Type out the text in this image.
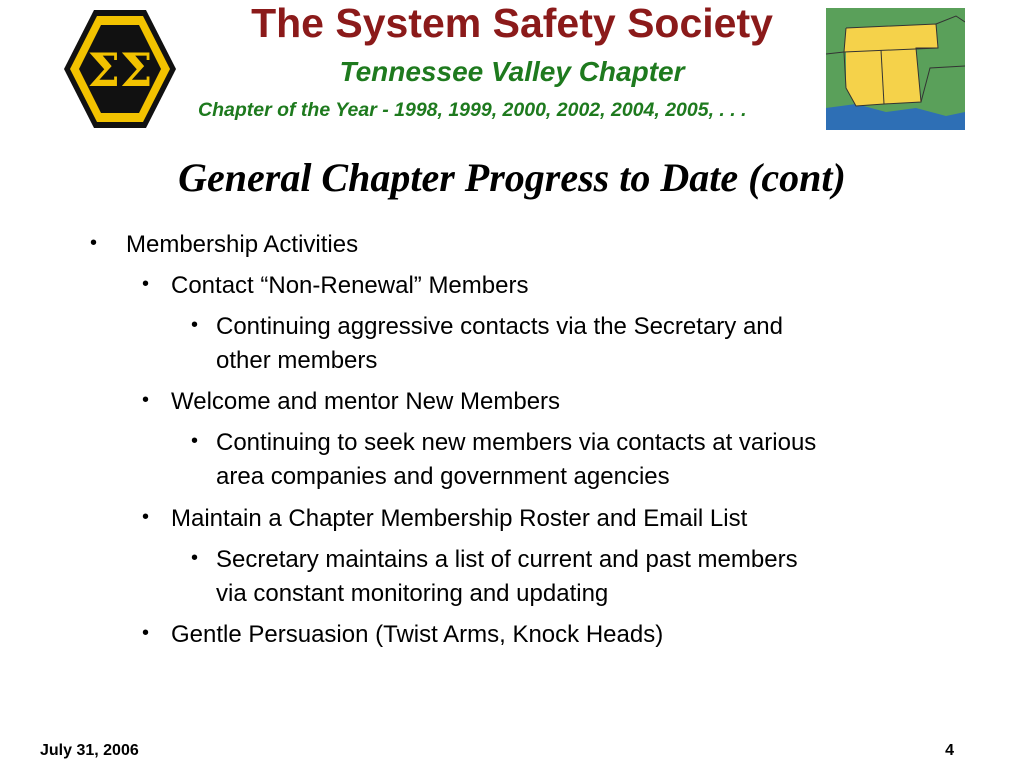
ΣΣ
The System Safety Society
Tennessee Valley Chapter
Chapter of the Year - 1998, 1999, 2000, 2002, 2004, 2005, . . .
General Chapter Progress to Date (cont)
• Membership Activities
• Contact “Non-Renewal” Members
• Continuing aggressive contacts via the Secretary and
other members
• Welcome and mentor New Members
• Continuing to seek new members via contacts at various
area companies and government agencies
• Maintain a Chapter Membership Roster and Email List
• Secretary maintains a list of current and past members
via constant monitoring and updating
• Gentle Persuasion (Twist Arms, Knock Heads)
July 31, 2006	4
